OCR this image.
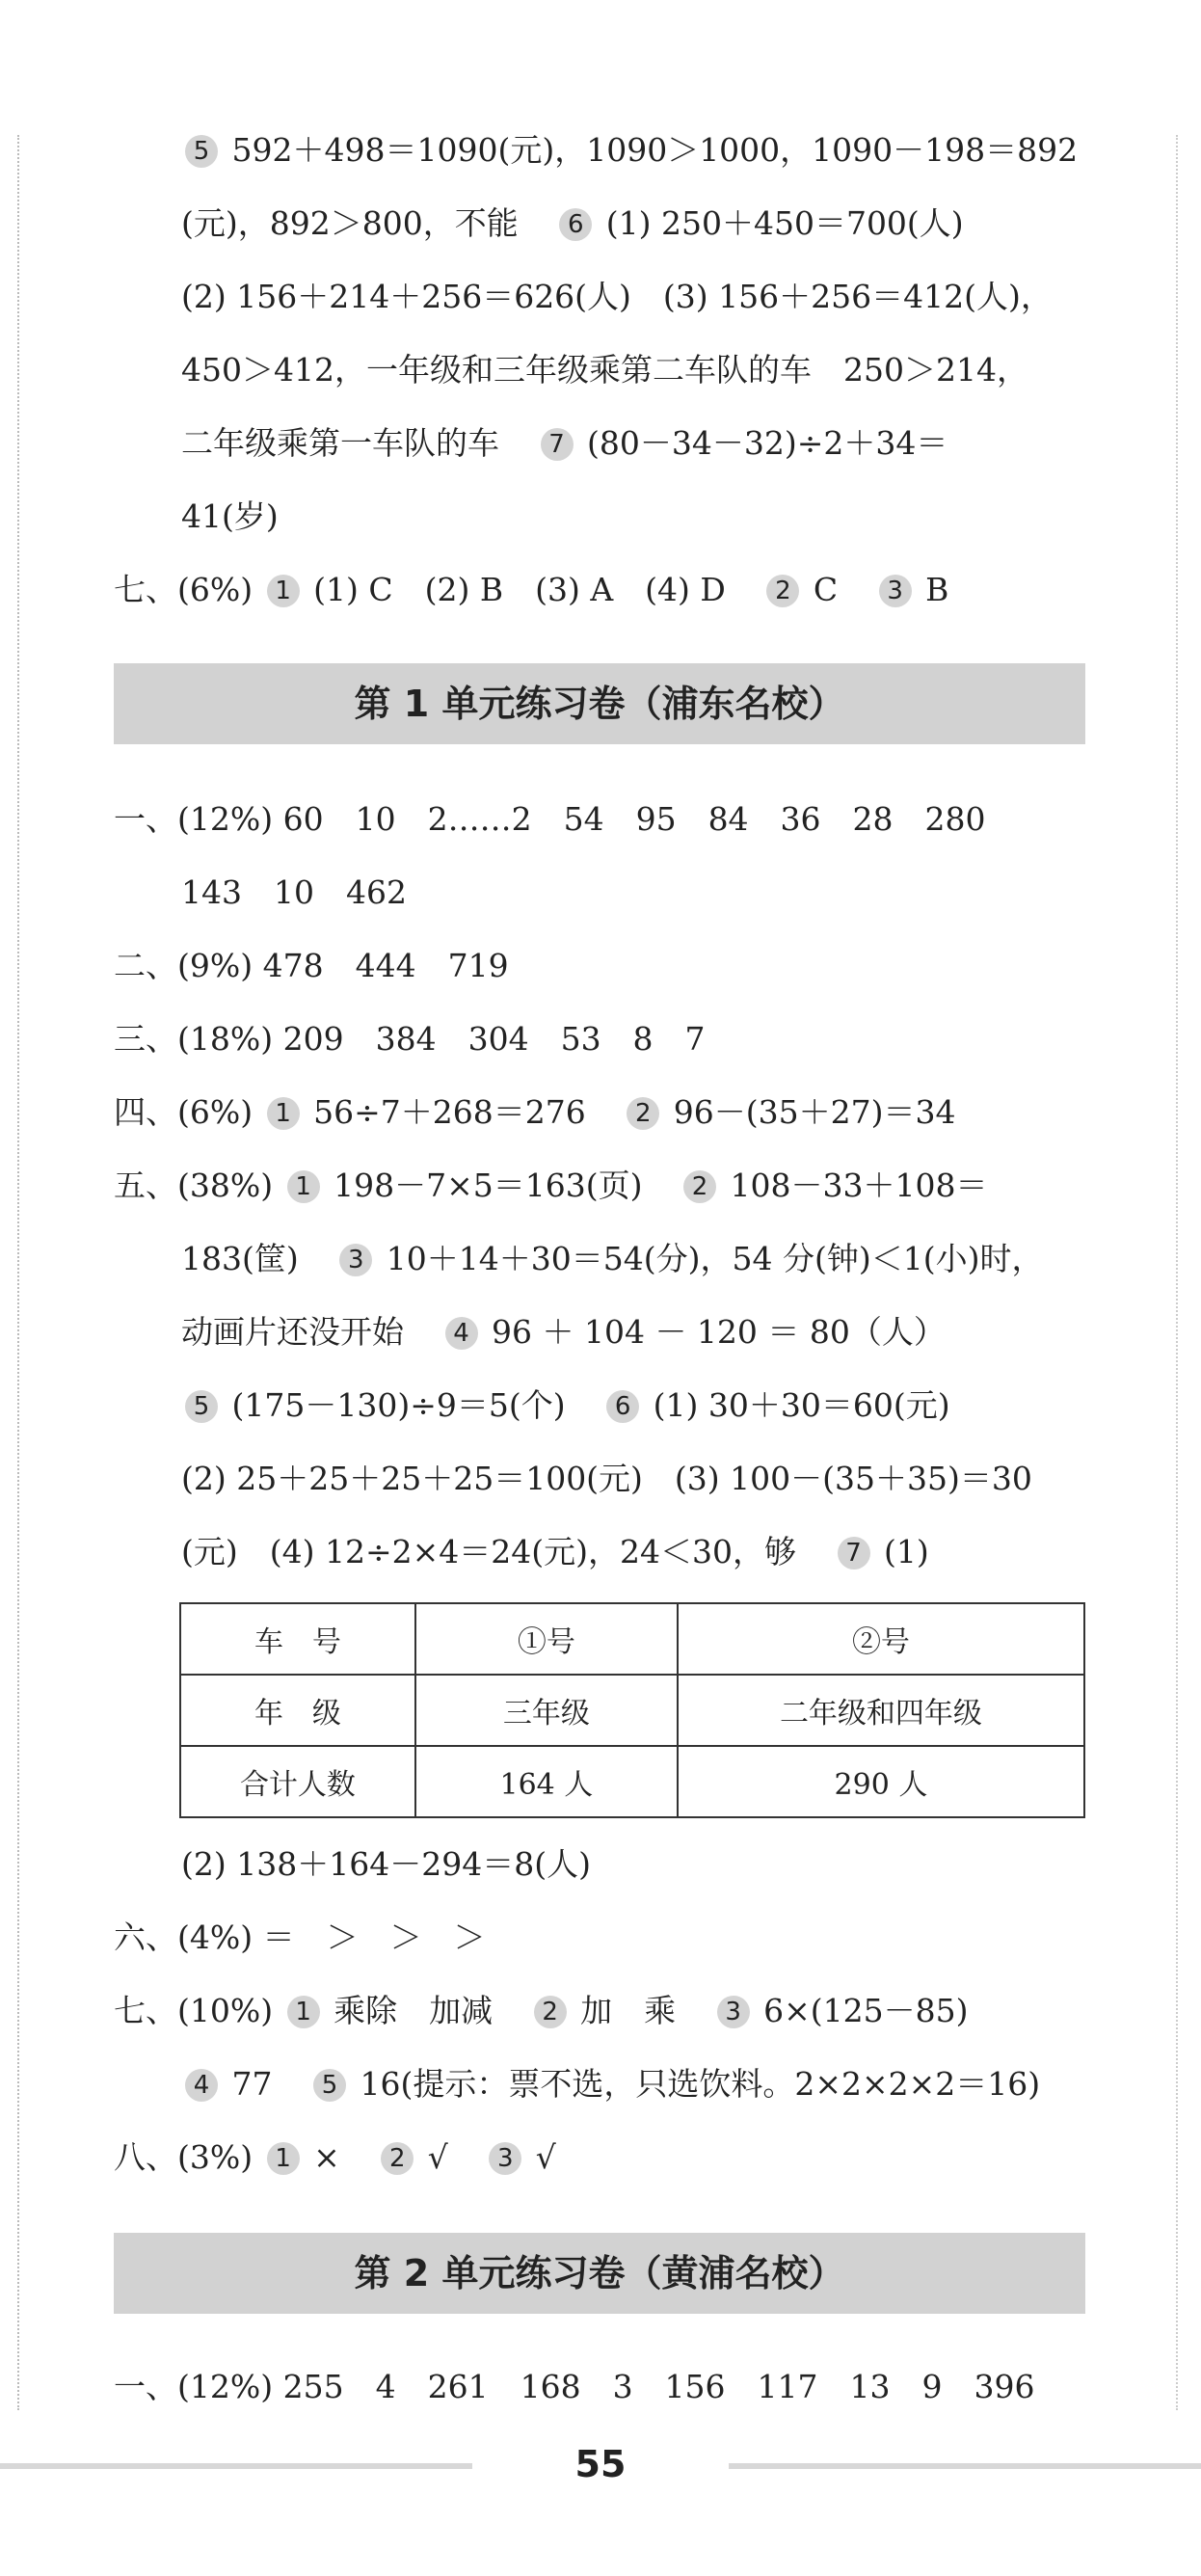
5 592＋498＝1090(元)，1090＞1000，1090－198＝892
(元)，892＞800，不能 6 (1) 250＋450＝700(人)
(2) 156＋214＋256＝626(人)　(3) 156＋256＝412(人)，
450＞412，一年级和三年级乘第二车队的车　250＞214，
二年级乘第一车队的车 7 (80－34－32)÷2＋34＝
41(岁)
七、(6%) 1 (1) C　(2) B　(3) A　(4) D 2 C 3 B
第 1 单元练习卷（浦东名校）
一、(12%) 60　10　2……2　54　95　84　36　28　280
143　10　462
二、(9%) 478　444　719
三、(18%) 209　384　304　53　8　7
四、(6%) 1 56÷7＋268＝276 2 96－(35＋27)＝34
五、(38%) 1 198－7×5＝163(页) 2 108－33＋108＝
183(筐) 3 10＋14＋30＝54(分)，54 分(钟)＜1(小)时，
动画片还没开始 4 96 ＋ 104 － 120 ＝ 80（人）
5 (175－130)÷9＝5(个) 6 (1) 30＋30＝60(元)
(2) 25＋25＋25＋25＝100(元)　(3) 100－(35＋35)＝30
(元)　(4) 12÷2×4＝24(元)，24＜30，够 7 (1)
车　号	①号	②号
年　级	三年级	二年级和四年级
合计人数	164 人	290 人
(2) 138＋164－294＝8(人)
六、(4%) ＝　＞　＞　＞
七、(10%) 1 乘除　加减 2 加　乘 3 6×(125－85)
4 77 5 16(提示：票不选，只选饮料。2×2×2×2＝16)
八、(3%) 1 × 2 √ 3 √
第 2 单元练习卷（黄浦名校）
一、(12%) 255　4　261　168　3　156　117　13　9　396
55
